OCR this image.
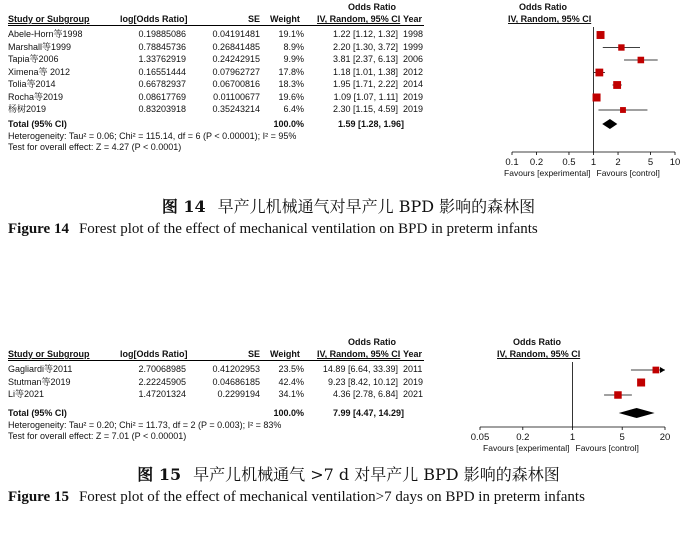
Odds Ratio	Odds Ratio
Study or Subgroup	log[Odds Ratio]	SE Weight IV, Random, 95% CI Year	IV, Random, 95% CI
Abele-Horn等1998	0.19885086	0.04191481	19.1%	1.22 [1.12, 1.32] 1998
Marshall等1999	0.78845736	0.26841485	8.9%	2.20 [1.30, 3.72] 1999
Tapia等2006	1.33762919	0.24242915	9.9%	3.81 [2.37, 6.13] 2006
Ximena等 2012	0.16551444	0.07962727	17.8%	1.18 [1.01, 1.38] 2012
Tolia等2014	0.66782937	0.06700816	18.3%	1.95 [1.71, 2.22] 2014
Rocha等2019	0.08617769	0.01100677	19.6%	1.09 [1.07, 1.11] 2019
杨树2019	0.83203918	0.35243214	6.4%	2.30 [1.15, 4.59] 2019
Total (95% CI)	100.0%	1.59 [1.28, 1.96]
Heterogeneity: Tau² = 0.06; Chi² = 115.14, df = 6 (P < 0.00001); I² = 95%
Test for overall effect: Z = 4.27 (P < 0.0001)
0.1 0.2 0.5 1 2	5 10
Favours [experimental] Favours [control]
图 14 早产儿机械通气对早产儿 BPD 影响的森林图
Figure 14 Forest plot of the effect of mechanical ventilation on BPD in preterm infants
Odds Ratio	Odds Ratio
Study or Subgroup	log[Odds Ratio]	SE Weight IV, Random, 95% CI Year	IV, Random, 95% CI
Gagliardi等2011	2.70068985	0.41202953	23.5%	14.89 [6.64, 33.39] 2011
Stutman等2019	2.22245905	0.04686185	42.4%	9.23 [8.42, 10.12] 2019
Li等2021	1.47201324	0.2299194	34.1%	4.36 [2.78, 6.84] 2021
Total (95% CI)	100.0%	7.99 [4.47, 14.29]
Heterogeneity: Tau² = 0.20; Chi² = 11.73, df = 2 (P = 0.003); I² = 83%
Test for overall effect: Z = 7.01 (P < 0.00001)	0.05	0.2	1	5	20
Favours [experimental] Favours [control]
图 15 早产儿机械通气 >7 d 对早产儿 BPD 影响的森林图
Figure 15 Forest plot of the effect of mechanical ventilation>7 days on BPD in preterm infants
